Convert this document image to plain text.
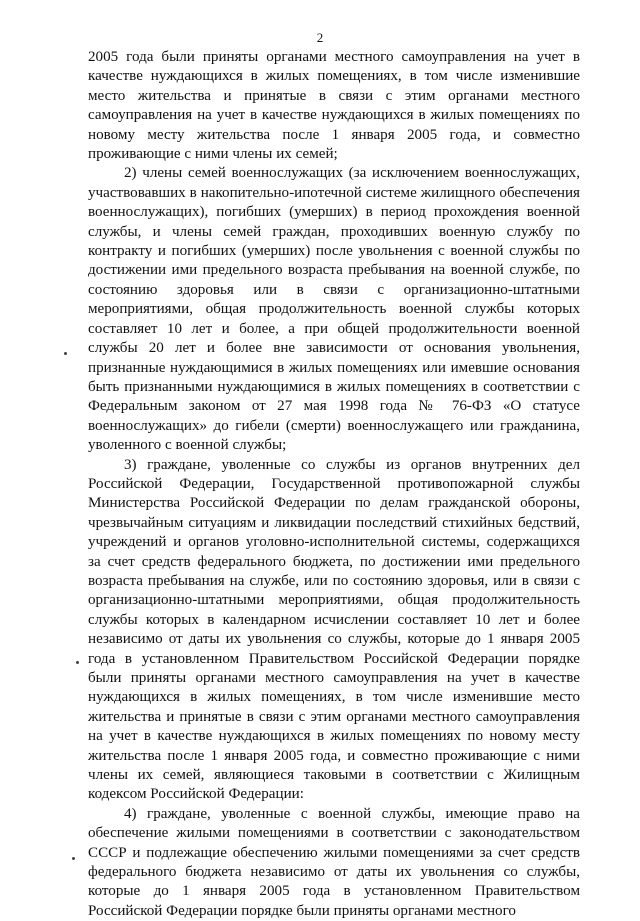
2

2005 года были приняты органами местного самоуправления на учет в качестве нуждающихся в жилых помещениях, в том числе изменившие место жительства и принятые в связи с этим органами местного самоуправления на учет в качестве нуждающихся в жилых помещениях по новому месту жительства после 1 января 2005 года, и совместно проживающие с ними члены их семей;

2) члены семей военнослужащих (за исключением военнослужащих, участвовавших в накопительно-ипотечной системе жилищного обеспечения военнослужащих), погибших (умерших) в период прохождения военной службы, и члены семей граждан, проходивших военную службу по контракту и погибших (умерших) после увольнения с военной службы по достижении ими предельного возраста пребывания на военной службе, по состоянию здоровья или в связи с организационно-штатными мероприятиями, общая продолжительность военной службы которых составляет 10 лет и более, а при общей продолжительности военной службы 20 лет и более вне зависимости от основания увольнения, признанные нуждающимися в жилых помещениях или имевшие основания быть признанными нуждающимися в жилых помещениях в соответствии с Федеральным законом от 27 мая 1998 года № 76-ФЗ «О статусе военнослужащих» до гибели (смерти) военнослужащего или гражданина, уволенного с военной службы;

3) граждане, уволенные со службы из органов внутренних дел Российской Федерации, Государственной противопожарной службы Министерства Российской Федерации по делам гражданской обороны, чрезвычайным ситуациям и ликвидации последствий стихийных бедствий, учреждений и органов уголовно-исполнительной системы, содержащихся за счет средств федерального бюджета, по достижении ими предельного возраста пребывания на службе, или по состоянию здоровья, или в связи с организационно-штатными мероприятиями, общая продолжительность службы которых в календарном исчислении составляет 10 лет и более независимо от даты их увольнения со службы, которые до 1 января 2005 года в установленном Правительством Российской Федерации порядке были приняты органами местного самоуправления на учет в качестве нуждающихся в жилых помещениях, в том числе изменившие место жительства и принятые в связи с этим органами местного самоуправления на учет в качестве нуждающихся в жилых помещениях по новому месту жительства после 1 января 2005 года, и совместно проживающие с ними члены их семей, являющиеся таковыми в соответствии с Жилищным кодексом Российской Федерации:

4) граждане, уволенные с военной службы, имеющие право на обеспечение жилыми помещениями в соответствии с законодательством СССР и подлежащие обеспечению жилыми помещениями за счет средств федерального бюджета независимо от даты их увольнения со службы, которые до 1 января 2005 года в установленном Правительством Российской Федерации порядке были приняты органами местного
